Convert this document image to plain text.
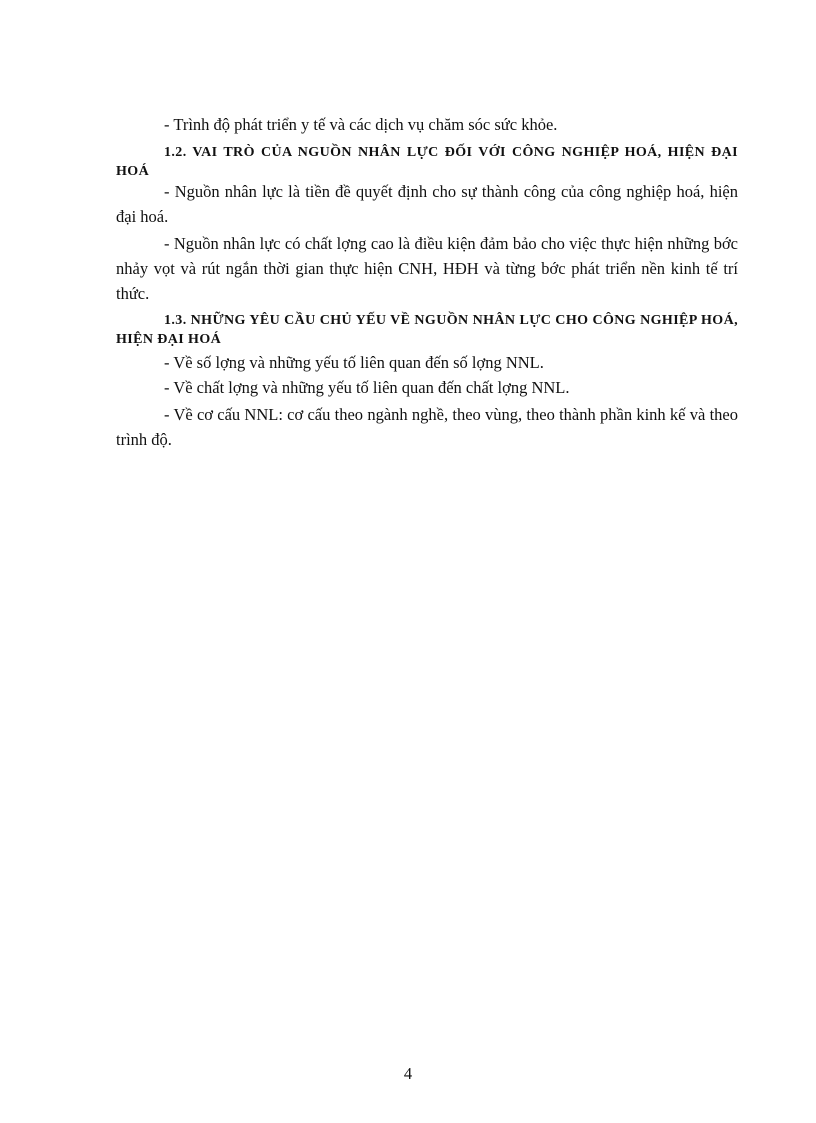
- Trình độ phát triển y tế và các dịch vụ chăm sóc sức khỏe.
1.2. VAI TRÒ CỦA NGUỒN NHÂN LỰC ĐỐI VỚI CÔNG NGHIỆP HOÁ, HIỆN ĐẠI HOÁ
- Nguồn nhân lực là tiền đề quyết định cho sự thành công của công nghiệp hoá, hiện đại hoá.
- Nguồn nhân lực có chất lợng cao là điều kiện đảm bảo cho việc thực hiện những bớc nhảy vọt và rút ngắn thời gian thực hiện CNH, HĐH và từng bớc phát triển nền kinh tế trí thức.
1.3. NHỮNG YÊU CẦU CHỦ YẾU VỀ NGUỒN NHÂN LỰC CHO CÔNG NGHIỆP HOÁ, HIỆN ĐẠI HOÁ
- Về số lợng và những yếu tố liên quan đến số lợng NNL.
- Về chất lợng và những yếu tố liên quan đến chất lợng NNL.
- Về cơ cấu NNL: cơ cấu theo ngành nghề, theo vùng, theo thành phần kinh kế và theo trình độ.
4
